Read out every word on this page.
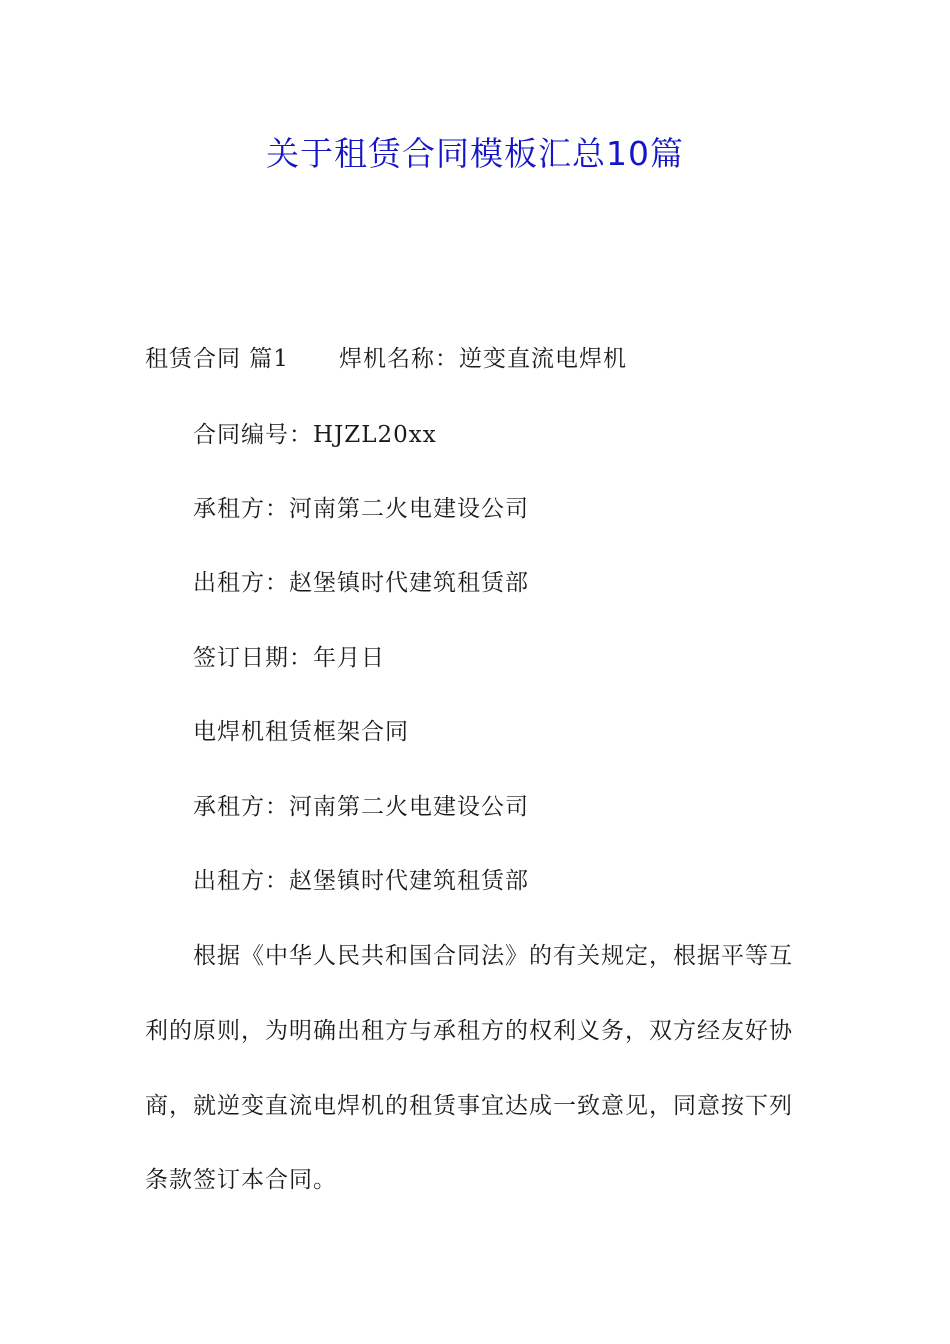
关于租赁合同模板汇总10篇

租赁合同 篇1 焊机名称：逆变直流电焊机

合同编号：HJZL20xx

承租方：河南第二火电建设公司

出租方：赵堡镇时代建筑租赁部

签订日期：年月日

电焊机租赁框架合同

承租方：河南第二火电建设公司

出租方：赵堡镇时代建筑租赁部

根据《中华人民共和国合同法》的有关规定，根据平等互

利的原则，为明确出租方与承租方的权利义务，双方经友好协

商，就逆变直流电焊机的租赁事宜达成一致意见，同意按下列

条款签订本合同。
